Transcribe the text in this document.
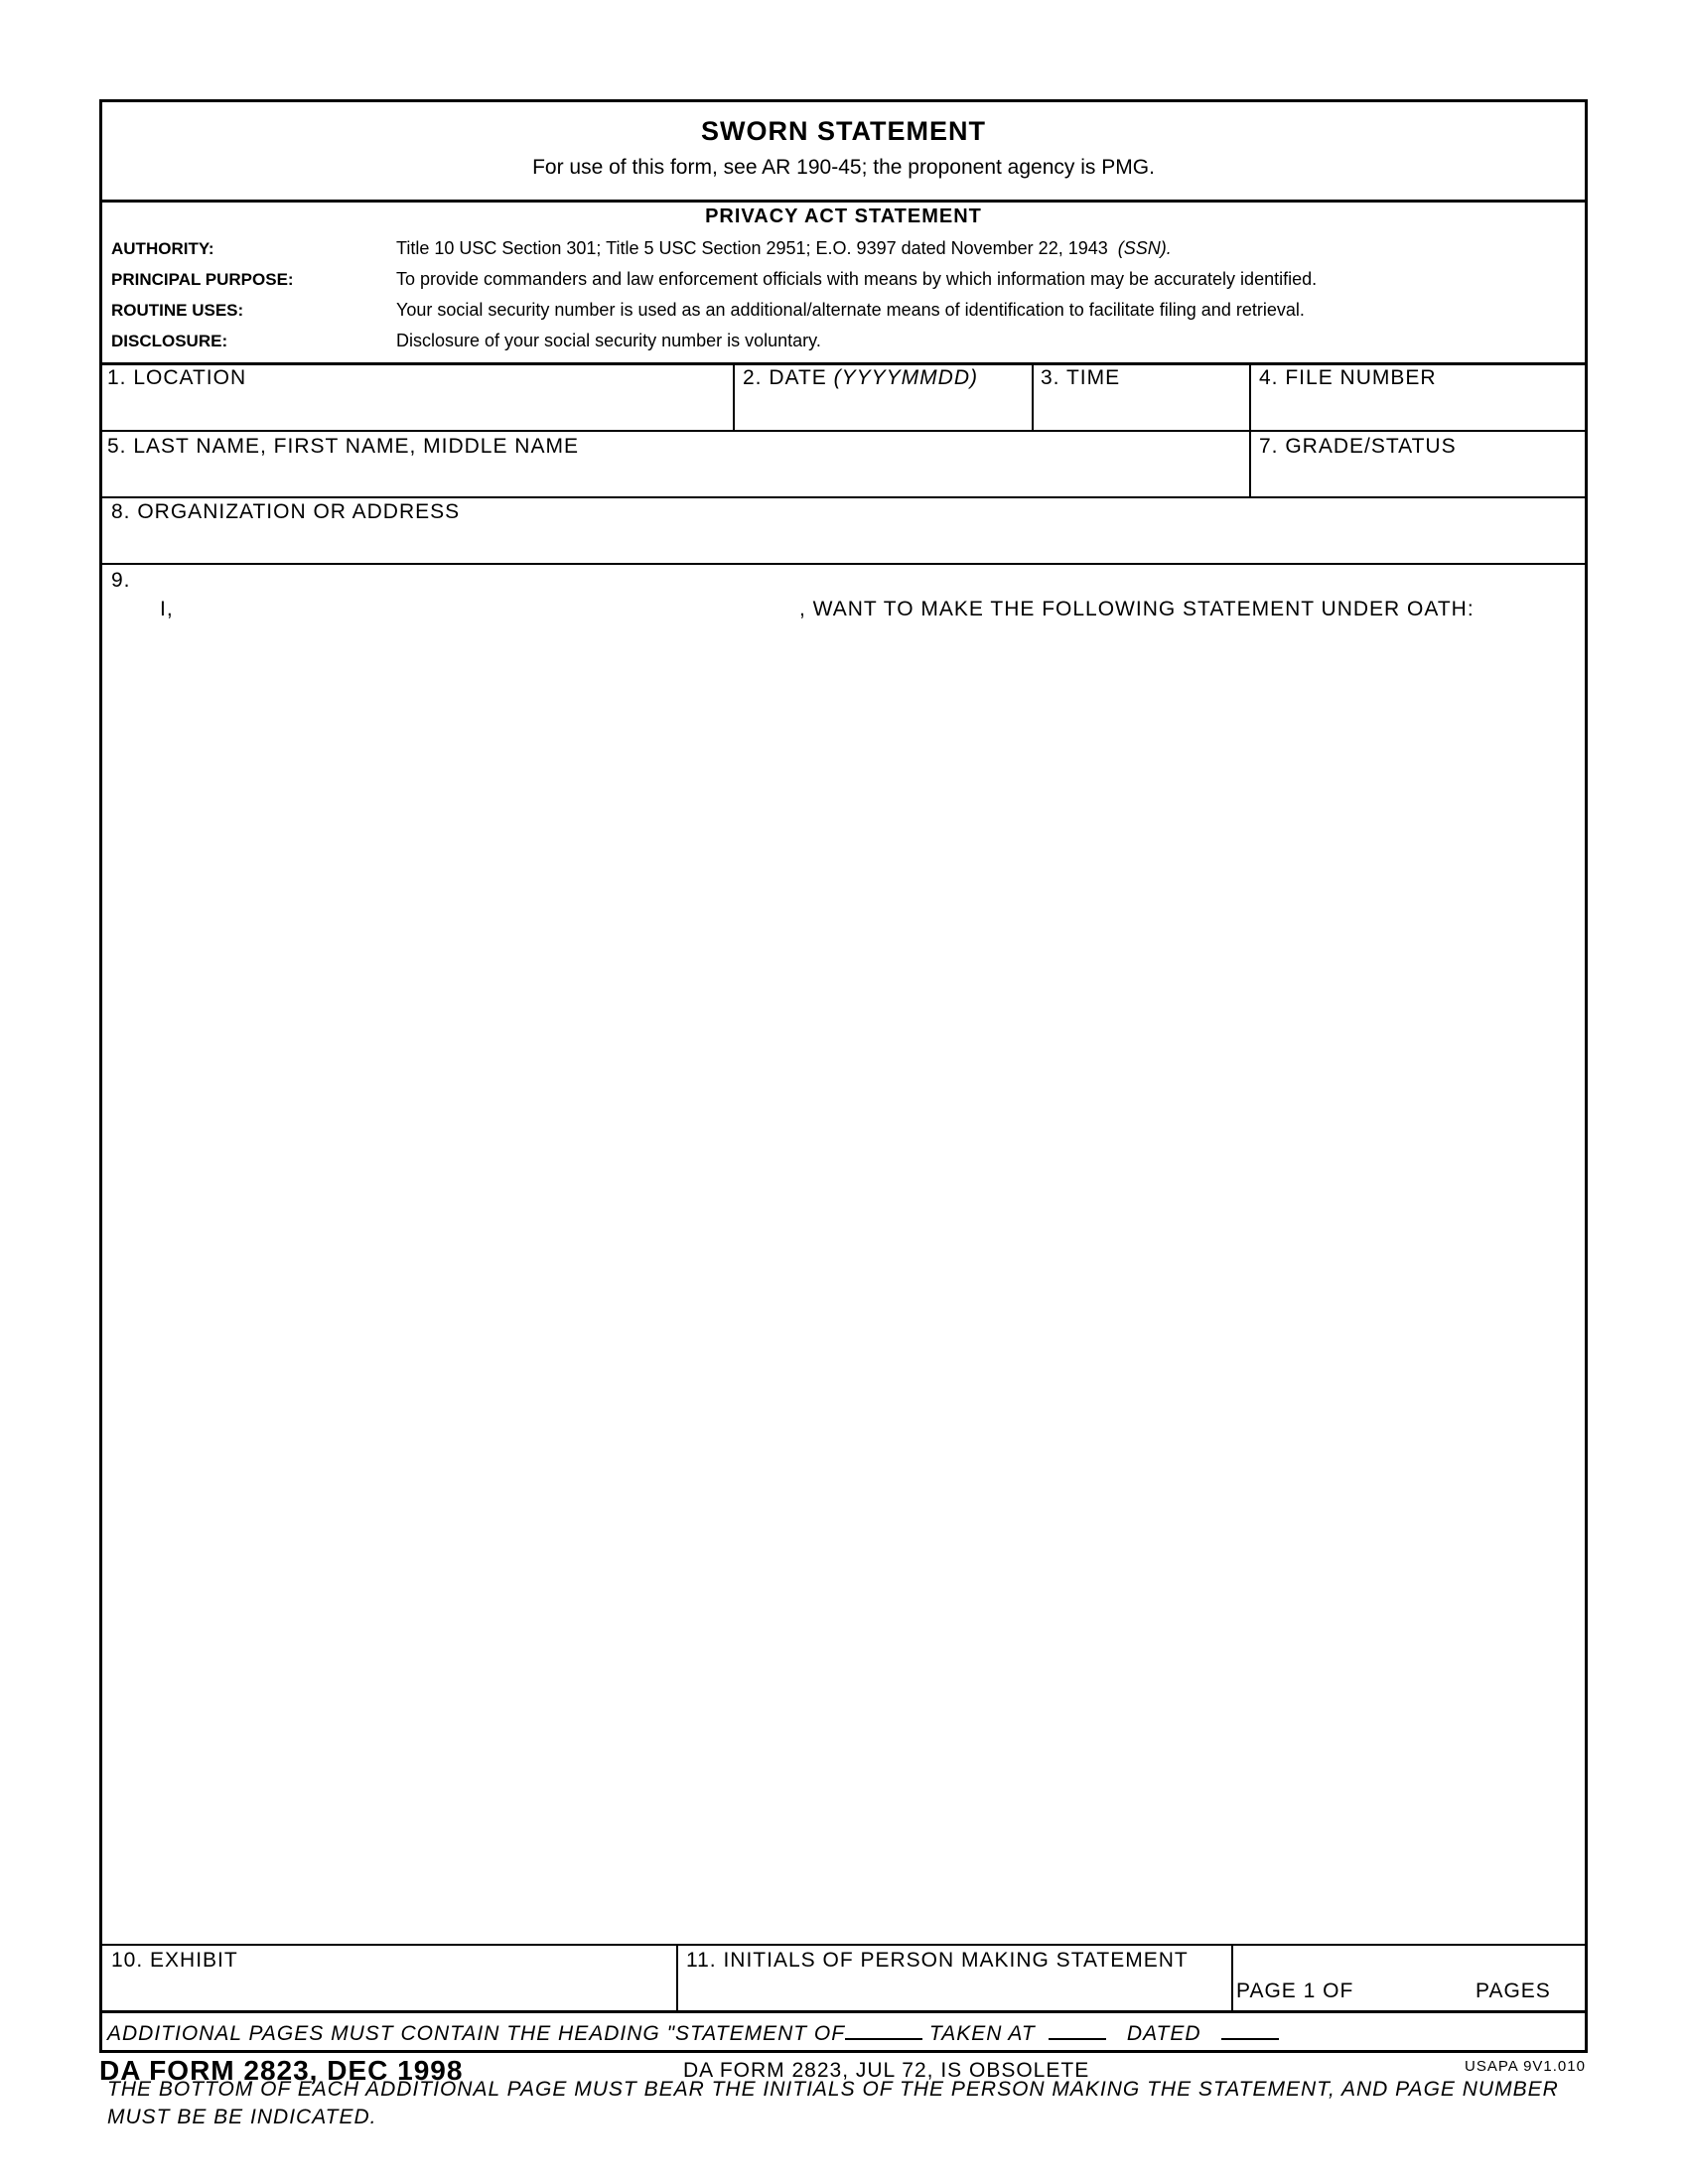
SWORN STATEMENT
For use of this form, see AR 190-45; the proponent agency is PMG.
PRIVACY ACT STATEMENT
AUTHORITY:	Title 10 USC Section 301; Title 5 USC Section 2951; E.O. 9397 dated November 22, 1943 (SSN).
PRINCIPAL PURPOSE:	To provide commanders and law enforcement officials with means by which information may be accurately identified.
ROUTINE USES:	Your social security number is used as an additional/alternate means of identification to facilitate filing and retrieval.
DISCLOSURE:	Disclosure of your social security number is voluntary.
1. LOCATION	2. DATE (YYYYMMDD)	3. TIME	4. FILE NUMBER
5. LAST NAME, FIRST NAME, MIDDLE NAME	7. GRADE/STATUS
8. ORGANIZATION OR ADDRESS
9.
I,	, WANT TO MAKE THE FOLLOWING STATEMENT UNDER OATH:
10. EXHIBIT	11. INITIALS OF PERSON MAKING STATEMENT
PAGE 1 OF	PAGES
ADDITIONAL PAGES MUST CONTAIN THE HEADING "STATEMENT OF	TAKEN AT	DATED
THE BOTTOM OF EACH ADDITIONAL PAGE MUST BEAR THE INITIALS OF THE PERSON MAKING THE STATEMENT, AND PAGE NUMBER
MUST BE BE INDICATED.
DA FORM 2823, DEC 1998	DA FORM 2823, JUL 72, IS OBSOLETE	USAPA 9V1.010
